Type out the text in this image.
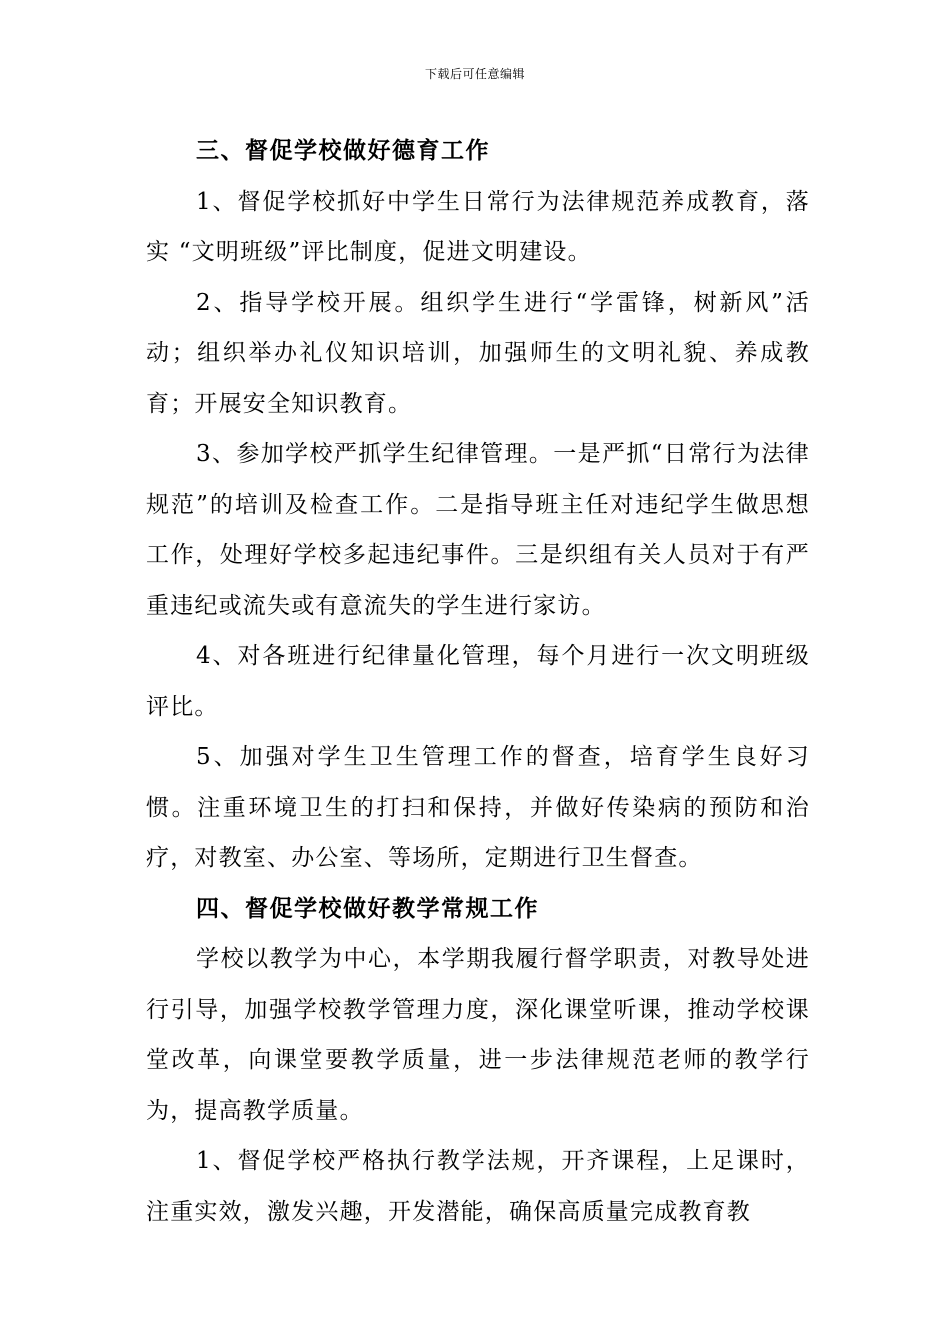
下载后可任意编辑

三、督促学校做好德育工作

1、督促学校抓好中学生日常行为法律规范养成教育，落实 “文明班级”评比制度，促进文明建设。

2、指导学校开展。组织学生进行“学雷锋，树新风”活动；组织举办礼仪知识培训，加强师生的文明礼貌、养成教育；开展安全知识教育。

3、参加学校严抓学生纪律管理。一是严抓“日常行为法律规范”的培训及检查工作。二是指导班主任对违纪学生做思想工作，处理好学校多起违纪事件。三是织组有关人员对于有严重违纪或流失或有意流失的学生进行家访。

4、对各班进行纪律量化管理，每个月进行一次文明班级评比。

5、加强对学生卫生管理工作的督查，培育学生良好习惯。注重环境卫生的打扫和保持，并做好传染病的预防和治疗，对教室、办公室、等场所，定期进行卫生督查。

四、督促学校做好教学常规工作

学校以教学为中心，本学期我履行督学职责，对教导处进行引导，加强学校教学管理力度，深化课堂听课，推动学校课堂改革，向课堂要教学质量，进一步法律规范老师的教学行为，提高教学质量。

1、督促学校严格执行教学法规，开齐课程，上足课时，注重实效，激发兴趣，开发潜能，确保高质量完成教育教
